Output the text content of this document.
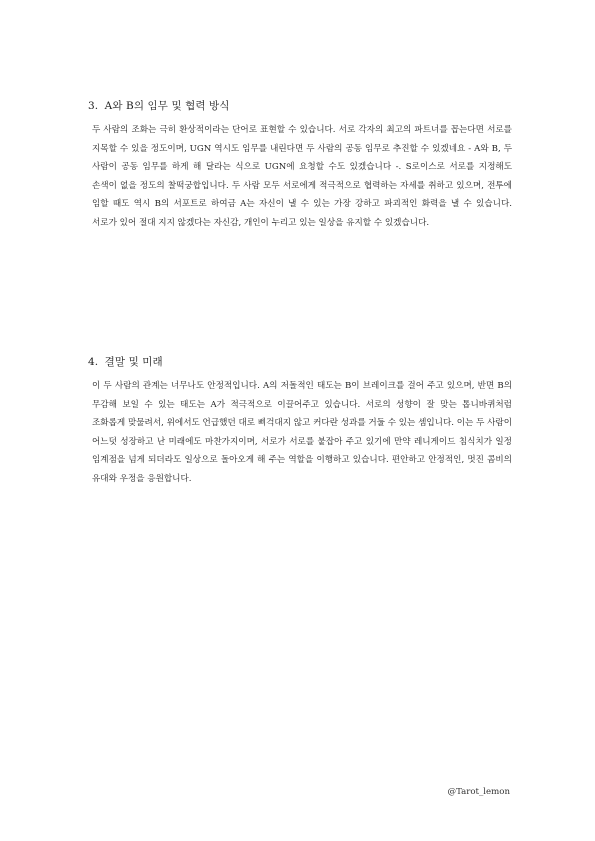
3. A와 B의 임무 및 협력 방식

두 사람의 조화는 극히 환상적이라는 단어로 표현할 수 있습니다. 서로 각자의 최고의 파트너를 꼽는다면 서로를 지목할 수 있을 정도이며, UGN 역시도 임무를 내린다면 두 사람의 공동 임무로 추진할 수 있겠네요 - A와 B, 두 사람이 공동 임무를 하게 해 달라는 식으로 UGN에 요청할 수도 있겠습니다 -. S로이스로 서로를 지정해도 손색이 없을 정도의 찰떡궁합입니다. 두 사람 모두 서로에게 적극적으로 협력하는 자세를 취하고 있으며, 전투에 임할 때도 역시 B의 서포트로 하여금 A는 자신이 낼 수 있는 가장 강하고 파괴적인 화력을 낼 수 있습니다. 서로가 있어 절대 지지 않겠다는 자신감, 개인이 누리고 있는 일상을 유지할 수 있겠습니다.

4. 결말 및 미래

이 두 사람의 관계는 너무나도 안정적입니다. A의 저돌적인 태도는 B이 브레이크를 걸어 주고 있으며, 반면 B의 무감해 보일 수 있는 태도는 A가 적극적으로 이끌어주고 있습니다. 서로의 성향이 잘 맞는 톱니바퀴처럼 조화롭게 맞물려서, 위에서도 언급했던 대로 삐걱대지 않고 커다란 성과를 거둘 수 있는 셈입니다. 이는 두 사람이 어느덧 성장하고 난 미래에도 마찬가지이며, 서로가 서로를 붙잡아 주고 있기에 만약 레니게이드 침식치가 일정 임계점을 넘게 되더라도 일상으로 돌아오게 해 주는 역할을 이행하고 있습니다. 편안하고 안정적인, 멋진 콤비의 유대와 우정을 응원합니다.

@Tarot_lemon
